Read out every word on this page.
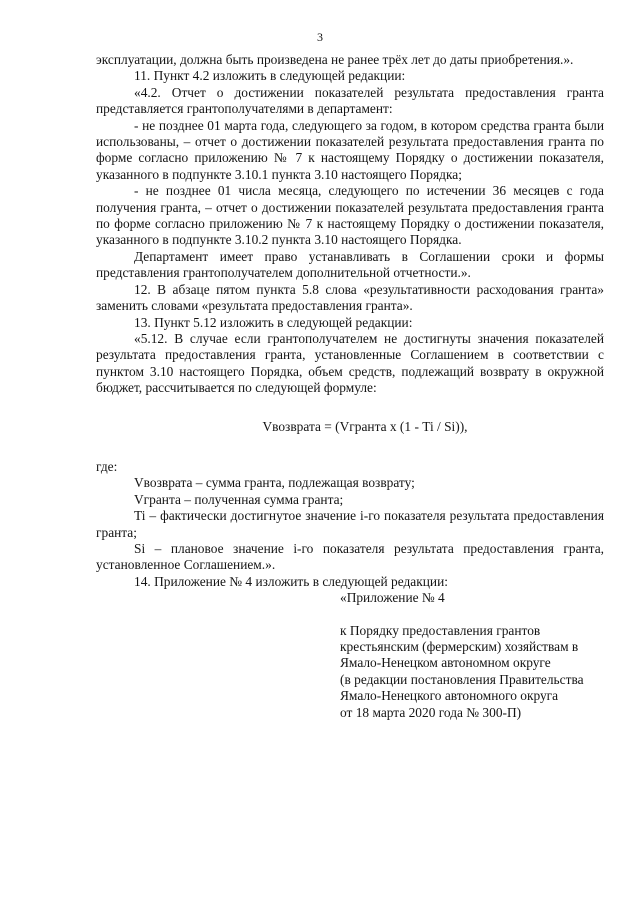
3

эксплуатации, должна быть произведена не ранее трёх лет до даты приобретения.».

11. Пункт 4.2 изложить в следующей редакции:

«4.2. Отчет о достижении показателей результата предоставления гранта представляется грантополучателями в департамент:

- не позднее 01 марта года, следующего за годом, в котором средства гранта были использованы, – отчет о достижении показателей результата предоставления гранта по форме согласно приложению № 7 к настоящему Порядку о достижении показателя, указанного в подпункте 3.10.1 пункта 3.10 настоящего Порядка;

- не позднее 01 числа месяца, следующего по истечении 36 месяцев с года получения гранта, – отчет о достижении показателей результата предоставления гранта по форме согласно приложению № 7 к настоящему Порядку о достижении показателя, указанного в подпункте 3.10.2 пункта 3.10 настоящего Порядка.

Департамент имеет право устанавливать в Соглашении сроки и формы представления грантополучателем дополнительной отчетности.».

12. В абзаце пятом пункта 5.8 слова «результативности расходования гранта» заменить словами «результата предоставления гранта».

13. Пункт 5.12 изложить в следующей редакции:

«5.12. В случае если грантополучателем не достигнуты значения показателей результата предоставления гранта, установленные Соглашением в соответствии с пунктом 3.10 настоящего Порядка, объем средств, подлежащий возврату в окружной бюджет, рассчитывается по следующей формуле:

Vвозврата = (Vгранта х (1 - Ti / Si)),

где:

Vвозврата – сумма гранта, подлежащая возврату;

Vгранта – полученная сумма гранта;

Ti – фактически достигнутое значение i-го показателя результата предоставления гранта;

Si – плановое значение i-го показателя результата предоставления гранта, установленное Соглашением.».

14. Приложение № 4 изложить в следующей редакции:

«Приложение № 4

к Порядку предоставления грантов

крестьянским (фермерским) хозяйствам в

Ямало-Ненецком автономном округе

(в редакции постановления Правительства

Ямало-Ненецкого автономного округа

от 18 марта 2020 года № 300-П)
